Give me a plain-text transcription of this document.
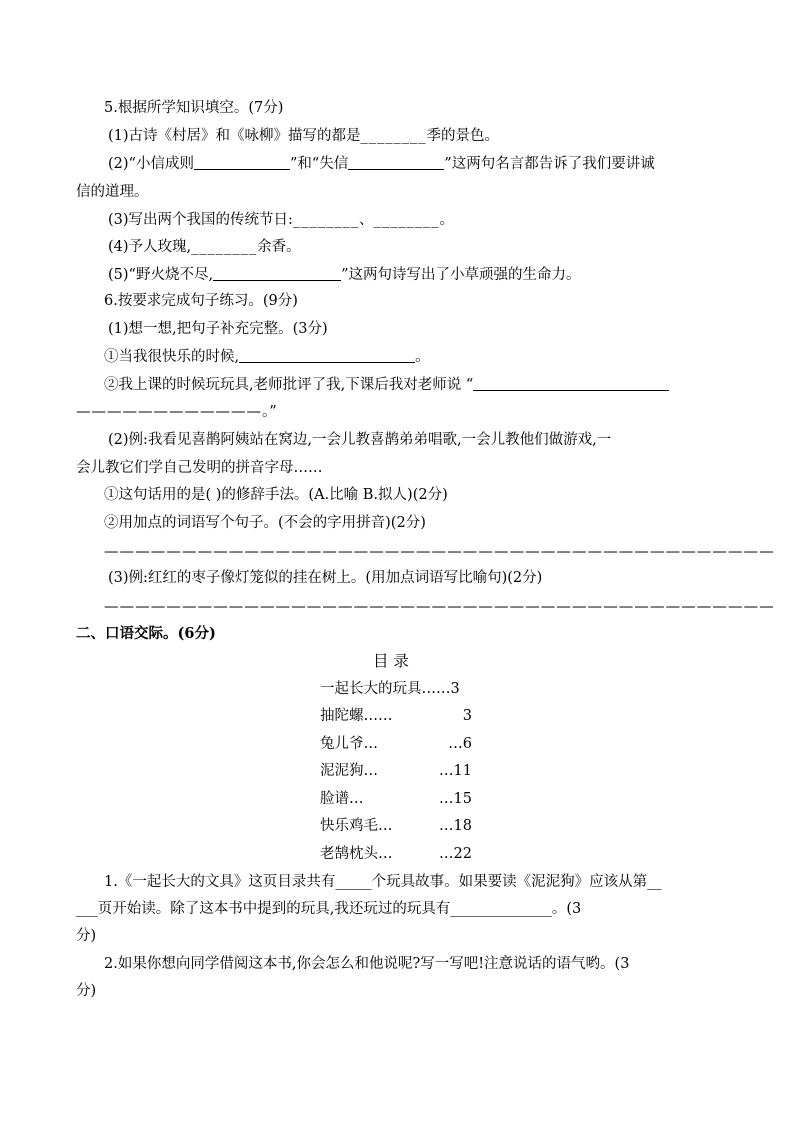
5.根据所学知识填空。(7分)
(1)古诗《村居》和《咏柳》描写的都是________季的景色。
(2)“小信成则	”和“失信	”这两句名言都告诉了我们要讲诚
信的道理。
(3)写出两个我国的传统节日:________、________。
(4)予人玫瑰,________余香。
(5)“野火烧不尽,	”这两句诗写出了小草顽强的生命力。
6.按要求完成句子练习。(9分)
(1)想一想,把句子补充完整。(3分)
①当我很快乐的时候,	。
②我上课的时候玩玩具,老师批评了我,下课后我对老师说 “
————————————。”
(2)例:我看见喜鹊阿姨站在窝边,一会儿教喜鹊弟弟唱歌,一会儿教他们做游戏,一
会儿教它们学自己发明的拼音字母……
①这句话用的是( )的修辞手法。(A.比喻 B.拟人)(2分)
②用加点的词语写个句子。(不会的字用拼音)(2分)
———————————————————————————————————————————
(3)例:红红的枣子像灯笼似的挂在树上。(用加点词语写比喻句)(2分)
———————————————————————————————————————————
二、口语交际。(6分)
目 录
一起长大的玩具……3
抽陀螺……	3
兔儿爷…	…6
泥泥狗…	…11
脸谱…	…15
快乐鸡毛…	…18
老鹄枕头…	…22
1.《一起长大的文具》这页目录共有_____个玩具故事。如果要读《泥泥狗》应该从第__
___页开始读。除了这本书中提到的玩具,我还玩过的玩具有______________。(3
分)
2.如果你想向同学借阅这本书,你会怎么和他说呢?写一写吧!注意说话的语气哟。(3
分)
